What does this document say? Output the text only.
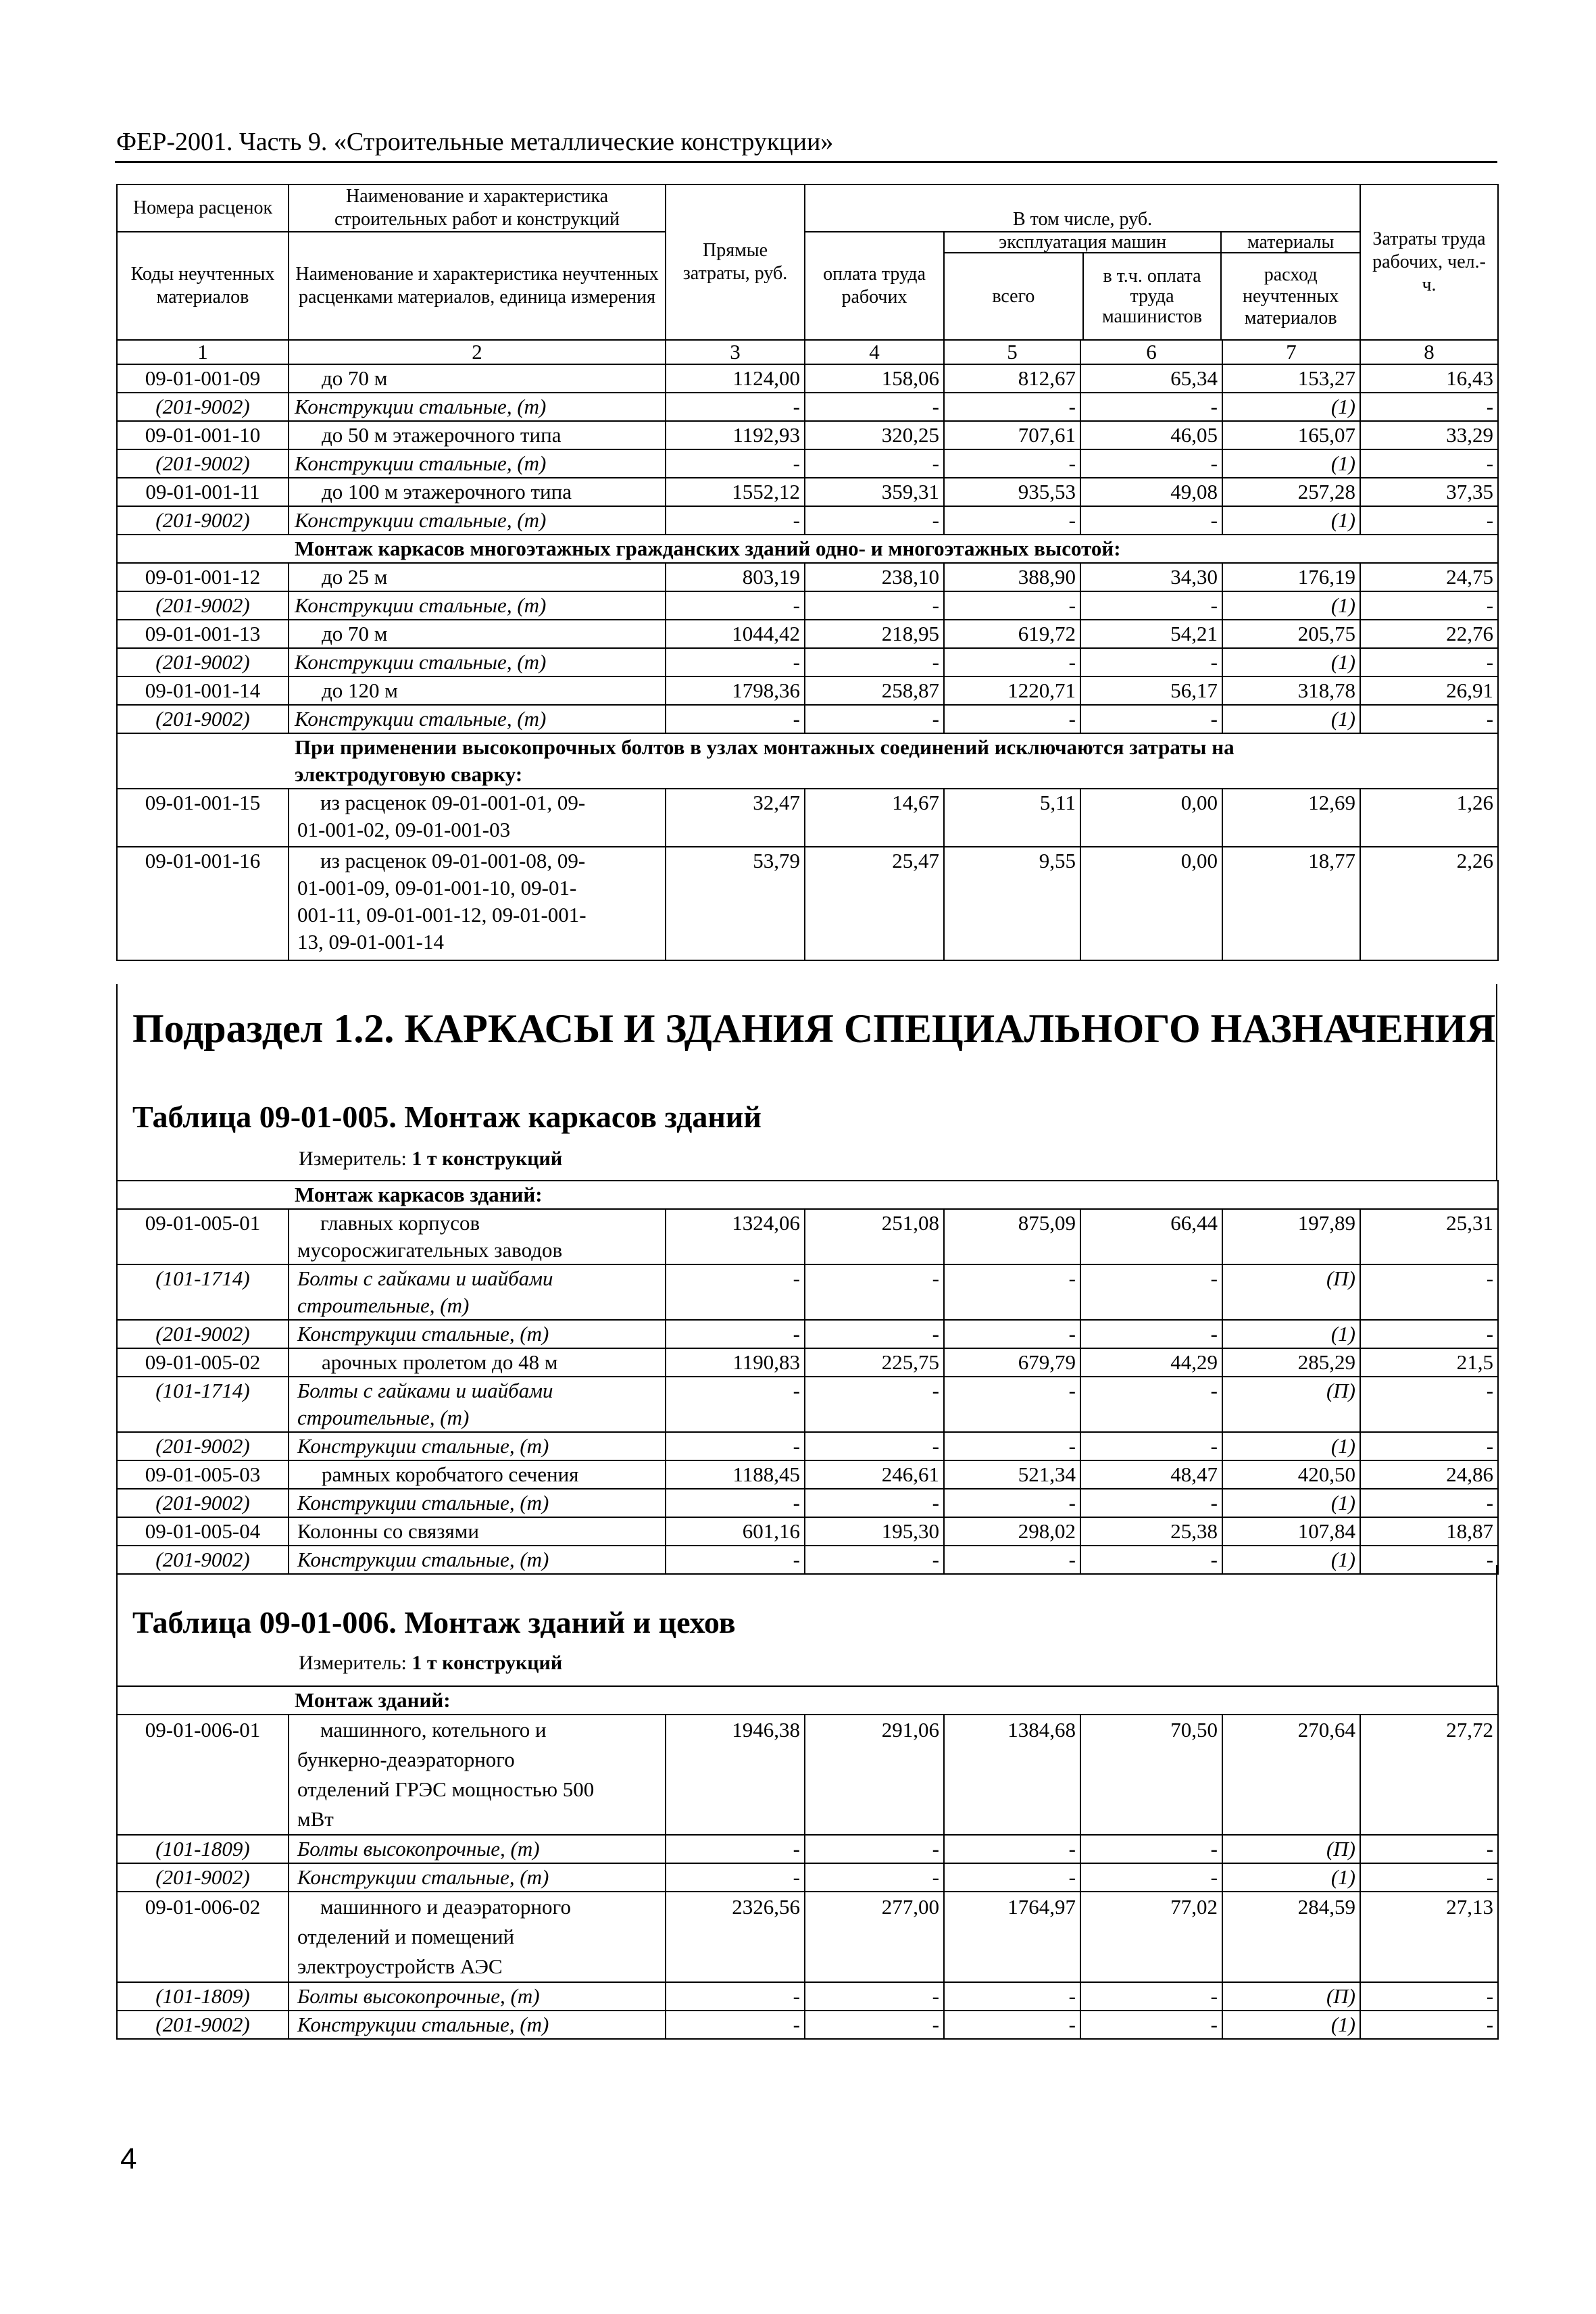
ФЕР-2001. Часть 9. «Строительные металлические конструкции»
Номера расценок	Наименование и характеристика строительных работ и конструкций	Прямые затраты, руб.	В том числе, руб.	Затраты труда рабочих, чел.-ч.
Коды неучтенных материалов	Наименование и характеристика неучтенных расценками материалов, единица измерения	оплата труда рабочих	
эксплуатация машин	материалы
всего	в т.ч. оплата труда машинистов	расход неучтенных материалов

1	2	3	4	5	6	7	8
09-01-001-09	до 70 м	1124,00	158,06	812,67	65,34	153,27	16,43
(201-9002)	Конструкции стальные, (т)	-	-	-	-	(1)	-
09-01-001-10	до 50 м этажерочного типа	1192,93	320,25	707,61	46,05	165,07	33,29
(201-9002)	Конструкции стальные, (т)	-	-	-	-	(1)	-
09-01-001-11	до 100 м этажерочного типа	1552,12	359,31	935,53	49,08	257,28	37,35
(201-9002)	Конструкции стальные, (т)	-	-	-	-	(1)	-
Монтаж каркасов многоэтажных гражданских зданий одно- и многоэтажных высотой:
09-01-001-12	до 25 м	803,19	238,10	388,90	34,30	176,19	24,75
(201-9002)	Конструкции стальные, (т)	-	-	-	-	(1)	-
09-01-001-13	до 70 м	1044,42	218,95	619,72	54,21	205,75	22,76
(201-9002)	Конструкции стальные, (т)	-	-	-	-	(1)	-
09-01-001-14	до 120 м	1798,36	258,87	1220,71	56,17	318,78	26,91
(201-9002)	Конструкции стальные, (т)	-	-	-	-	(1)	-

При применении высокопрочных болтов в узлах монтажных соединений исключаются затраты на
электродуговую сварку:

09-01-001-15	из расценок 09-01-001-01, 09-
01-001-02, 09-01-001-03
	32,47	14,67	5,11	0,00	12,69	1,26
09-01-001-16	из расценок 09-01-001-08, 09-
01-001-09, 09-01-001-10, 09-01-
001-11, 09-01-001-12, 09-01-001-
13, 09-01-001-14
	53,79	25,47	9,55	0,00	18,77	2,26
Подраздел 1.2. КАРКАСЫ И ЗДАНИЯ СПЕЦИАЛЬНОГО НАЗНАЧЕНИЯ
Таблица 09-01-005. Монтаж каркасов зданий
Измеритель: 1 т конструкций
Монтаж каркасов зданий:							
09-01-005-01	главных корпусов
мусоросжигательных заводов	1324,06	251,08	875,09	66,44	197,89	25,31
(101-1714)	Болты с гайками и шайбами
строительные, (т)	-	-	-	-	(П)	-
(201-9002)	Конструкции стальные, (т)	-	-	-	-	(1)	-
09-01-005-02	арочных пролетом до 48 м	1190,83	225,75	679,79	44,29	285,29	21,5
(101-1714)	Болты с гайками и шайбами
строительные, (т)	-	-	-	-	(П)	-
(201-9002)	Конструкции стальные, (т)	-	-	-	-	(1)	-
09-01-005-03	рамных коробчатого сечения	1188,45	246,61	521,34	48,47	420,50	24,86
(201-9002)	Конструкции стальные, (т)	-	-	-	-	(1)	-
09-01-005-04	Колонны со связями	601,16	195,30	298,02	25,38	107,84	18,87
(201-9002)	Конструкции стальные, (т)	-	-	-	-	(1)	-
Таблица 09-01-006. Монтаж зданий и цехов
Измеритель: 1 т конструкций
Монтаж зданий:							
09-01-006-01	машинного, котельного и
бункерно-деаэраторного
отделений ГРЭС мощностью 500
мВт	1946,38	291,06	1384,68	70,50	270,64	27,72
(101-1809)	Болты высокопрочные, (т)	-	-	-	-	(П)	-
(201-9002)	Конструкции стальные, (т)	-	-	-	-	(1)	-
09-01-006-02	машинного и деаэраторного
отделений и помещений
электроустройств АЭС	2326,56	277,00	1764,97	77,02	284,59	27,13
(101-1809)	Болты высокопрочные, (т)	-	-	-	-	(П)	-
(201-9002)	Конструкции стальные, (т)	-	-	-	-	(1)	-
4
